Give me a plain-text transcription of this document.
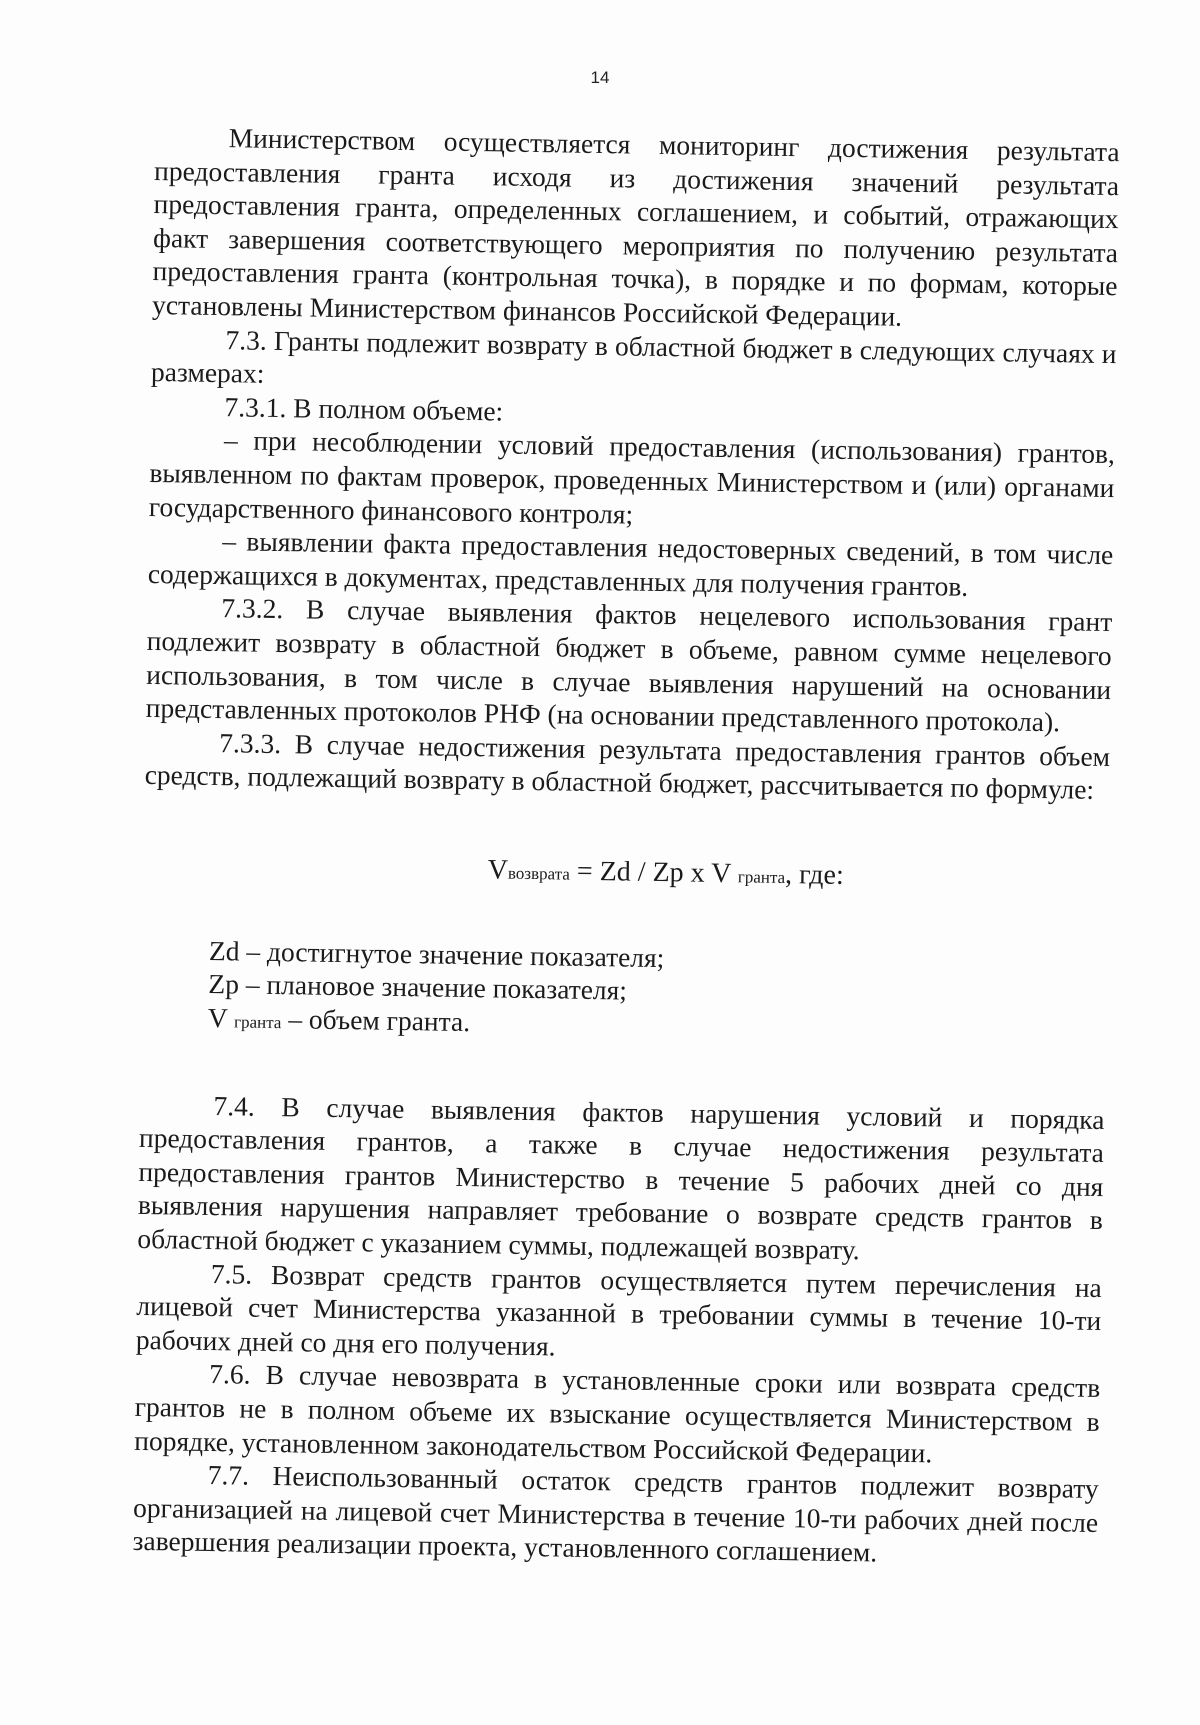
14

Министерством осуществляется мониторинг достижения результата предоставления гранта исходя из достижения значений результата предоставления гранта, определенных соглашением, и событий, отражающих факт завершения соответствующего мероприятия по получению результата предоставления гранта (контрольная точка), в порядке и по формам, которые установлены Министерством финансов Российской Федерации.

7.3. Гранты подлежит возврату в областной бюджет в следующих случаях и размерах:

7.3.1. В полном объеме:

– при несоблюдении условий предоставления (использования) грантов, выявленном по фактам проверок, проведенных Министерством и (или) органами государственного финансового контроля;

– выявлении факта предоставления недостоверных сведений, в том числе содержащихся в документах, представленных для получения грантов.

7.3.2. В случае выявления фактов нецелевого использования грант подлежит возврату в областной бюджет в объеме, равном сумме нецелевого использования, в том числе в случае выявления нарушений на основании представленных протоколов РНФ (на основании представленного протокола).

7.3.3. В случае недостижения результата предоставления грантов объем средств, подлежащий возврату в областной бюджет, рассчитывается по формуле:

Vвозврата = Zd / Zp x V гранта, где:

Zd – достигнутое значение показателя;

Zp – плановое значение показателя;

V гранта – объем гранта.

7.4. В случае выявления фактов нарушения условий и порядка предоставления грантов, а также в случае недостижения результата предоставления грантов Министерство в течение 5 рабочих дней со дня выявления нарушения направляет требование о возврате средств грантов в областной бюджет с указанием суммы, подлежащей возврату.

7.5. Возврат средств грантов осуществляется путем перечисления на лицевой счет Министерства указанной в требовании суммы в течение 10-ти рабочих дней со дня его получения.

7.6. В случае невозврата в установленные сроки или возврата средств грантов не в полном объеме их взыскание осуществляется Министерством в порядке, установленном законодательством Российской Федерации.

7.7. Неиспользованный остаток средств грантов подлежит возврату организацией на лицевой счет Министерства в течение 10-ти рабочих дней после завершения реализации проекта, установленного соглашением.
